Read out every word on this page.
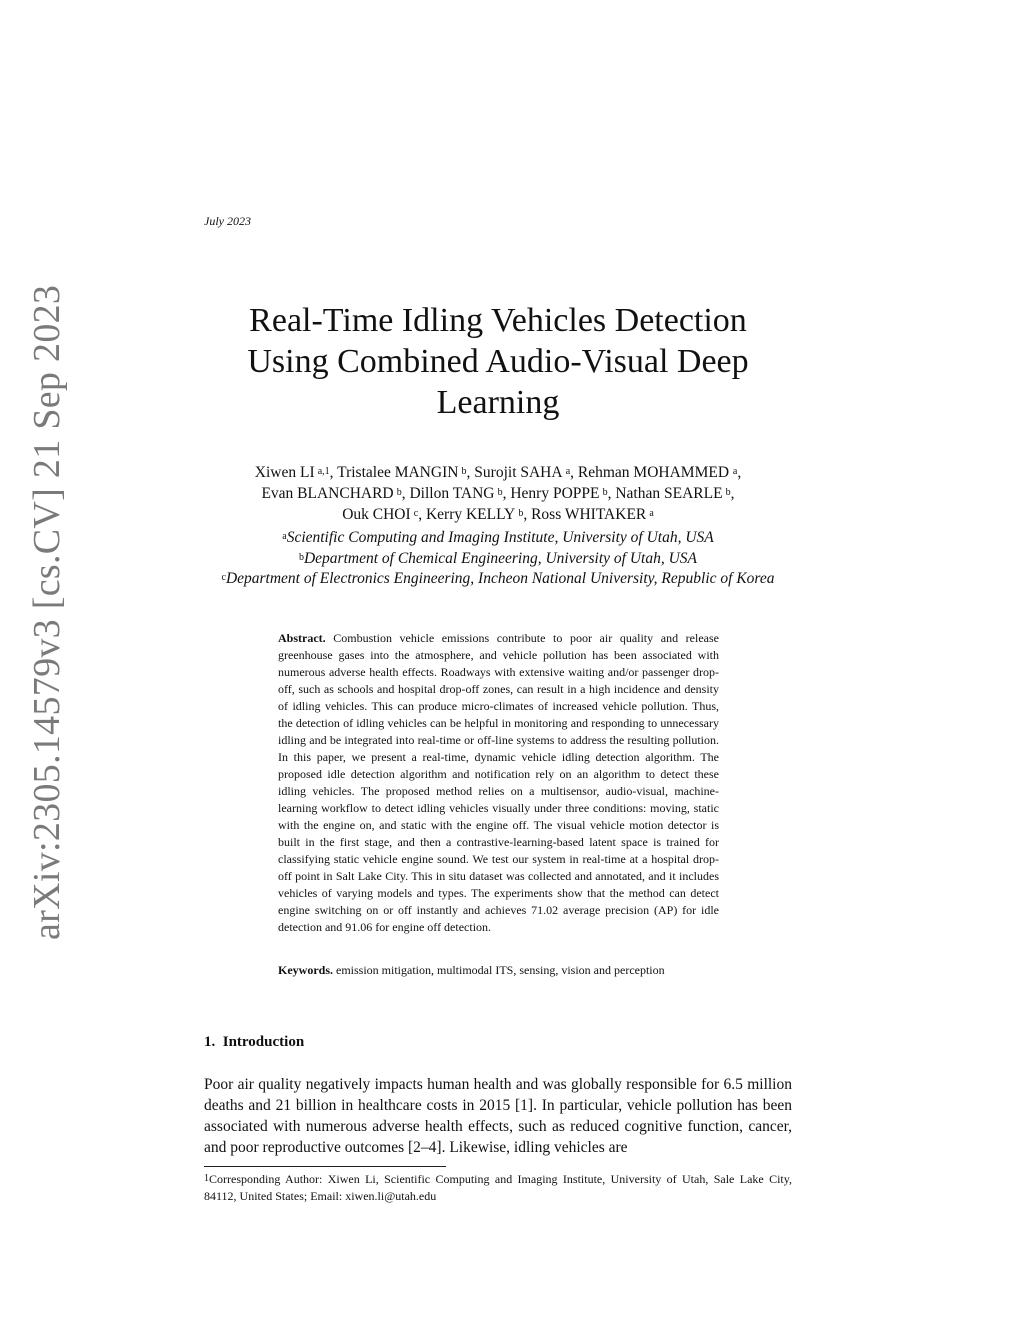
arXiv:2305.14579v3 [cs.CV] 21 Sep 2023
July 2023
Real-Time Idling Vehicles Detection
Using Combined Audio-Visual Deep
Learning
Xiwen LI  $^{a,1}$, Tristalee MANGIN  $^b$, Surojit SAHA  $^a$, Rehman MOHAMMED $^a$,
Evan BLANCHARD  $^b$, Dillon TANG  $^b$, Henry POPPE  $^b$, Nathan SEARLE  $^b$,
Ouk CHOI  $^c$, Kerry KELLY  $^b$, Ross WHITAKER  $^a$
$^a$Scientific Computing and Imaging Institute, University of Utah, USA
$^b$Department of Chemical Engineering, University of Utah, USA
$^c$Department of Electronics Engineering, Incheon National University, Republic of Korea
Abstract. Combustion vehicle emissions contribute to poor air quality and release greenhouse gases into the atmosphere, and vehicle pollution has been associated with numerous adverse health effects. Roadways with extensive waiting and/or passenger drop-off, such as schools and hospital drop-off zones, can result in a high incidence and density of idling vehicles. This can produce micro-climates of increased vehicle pollution. Thus, the detection of idling vehicles can be helpful in monitoring and responding to unnecessary idling and be integrated into real-time or off-line systems to address the resulting pollution. In this paper, we present a real-time, dynamic vehicle idling detection algorithm. The proposed idle detection algorithm and notification rely on an algorithm to detect these idling vehicles. The proposed method relies on a multisensor, audio-visual, machine-learning workflow to detect idling vehicles visually under three conditions: moving, static with the engine on, and static with the engine off. The visual vehicle motion detector is built in the first stage, and then a contrastive-learning-based latent space is trained for classifying static vehicle engine sound. We test our system in real-time at a hospital drop-off point in Salt Lake City. This in situ dataset was collected and annotated, and it includes vehicles of varying models and types. The experiments show that the method can detect engine switching on or off instantly and achieves 71.02 average precision (AP) for idle detection and 91.06 for engine off detection.
Keywords. emission mitigation, multimodal ITS, sensing, vision and perception
1.  Introduction
Poor air quality negatively impacts human health and was globally responsible for 6.5 million deaths and 21 billion in healthcare costs in 2015 [1]. In particular, vehicle pollution has been associated with numerous adverse health effects, such as reduced cognitive function, cancer, and poor reproductive outcomes [2–4]. Likewise, idling vehicles are
$^1$Corresponding Author: Xiwen Li, Scientific Computing and Imaging Institute, University of Utah, Sale Lake City, 84112, United States; Email: xiwen.li@utah.edu
